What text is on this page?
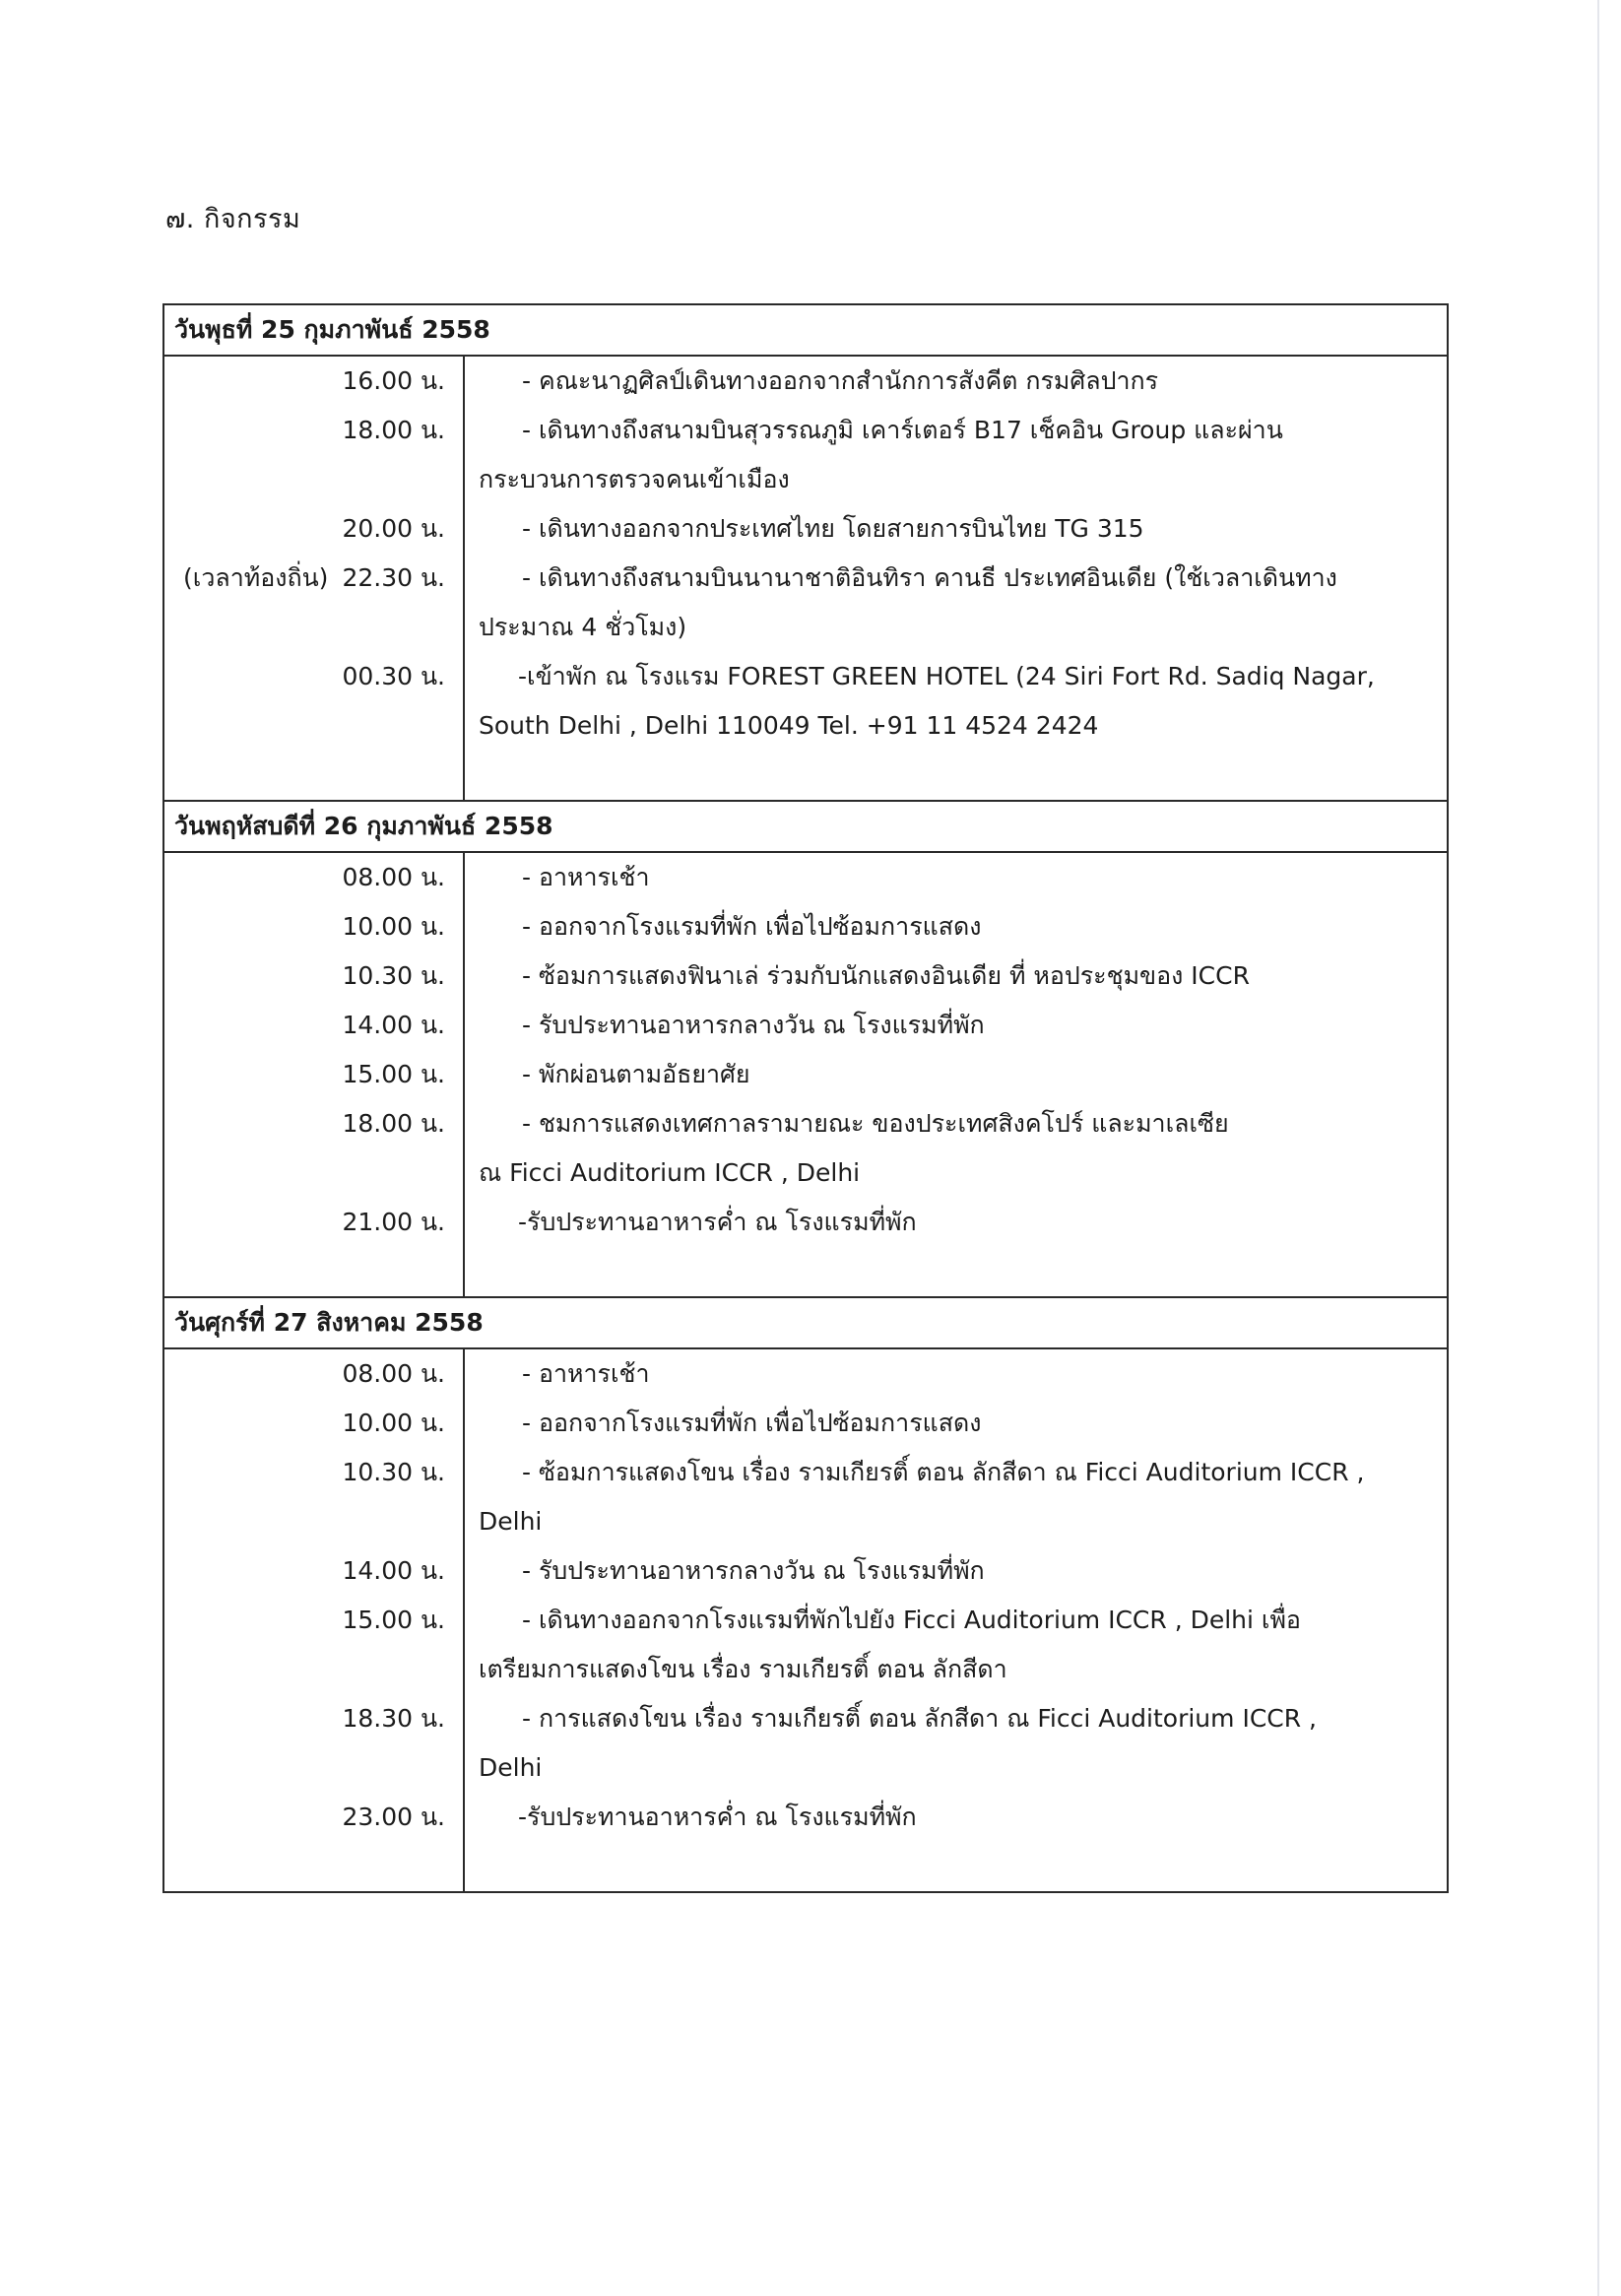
๗. กิจกรรม
วันพุธที่ 25 กุมภาพันธ์ 2558
16.00 น.	- คณะนาฏศิลป์เดินทางออกจากสำนักการสังคีต กรมศิลปากร
18.00 น.	- เดินทางถึงสนามบินสุวรรณภูมิ เคาร์เตอร์ B17 เช็คอิน Group และผ่าน
กระบวนการตรวจคนเข้าเมือง
20.00 น.	- เดินทางออกจากประเทศไทย โดยสายการบินไทย TG 315
(เวลาท้องถิ่น) 22.30 น.	- เดินทางถึงสนามบินนานาชาติอินทิรา คานธี ประเทศอินเดีย (ใช้เวลาเดินทาง
ประมาณ 4 ชั่วโมง)
00.30 น.	-เข้าพัก ณ โรงแรม FOREST GREEN HOTEL (24 Siri Fort Rd. Sadiq Nagar,
South Delhi , Delhi 110049 Tel. +91 11 4524 2424
วันพฤหัสบดีที่ 26 กุมภาพันธ์ 2558
08.00 น.	- อาหารเช้า
10.00 น.	- ออกจากโรงแรมที่พัก เพื่อไปซ้อมการแสดง
10.30 น.	- ซ้อมการแสดงฟินาเล่ ร่วมกับนักแสดงอินเดีย ที่ หอประชุมของ ICCR
14.00 น.	- รับประทานอาหารกลางวัน ณ โรงแรมที่พัก
15.00 น.	- พักผ่อนตามอัธยาศัย
18.00 น.	- ชมการแสดงเทศกาลรามายณะ ของประเทศสิงคโปร์ และมาเลเซีย
ณ Ficci Auditorium ICCR , Delhi
21.00 น.	-รับประทานอาหารค่ำ ณ โรงแรมที่พัก
วันศุกร์ที่ 27 สิงหาคม 2558
08.00 น.	- อาหารเช้า
10.00 น.	- ออกจากโรงแรมที่พัก เพื่อไปซ้อมการแสดง
10.30 น.	- ซ้อมการแสดงโขน เรื่อง รามเกียรติ์ ตอน ลักสีดา ณ Ficci Auditorium ICCR ,
Delhi
14.00 น.	- รับประทานอาหารกลางวัน ณ โรงแรมที่พัก
15.00 น.	- เดินทางออกจากโรงแรมที่พักไปยัง Ficci Auditorium ICCR , Delhi เพื่อ
เตรียมการแสดงโขน เรื่อง รามเกียรติ์ ตอน ลักสีดา
18.30 น.	- การแสดงโขน เรื่อง รามเกียรติ์ ตอน ลักสีดา ณ Ficci Auditorium ICCR ,
Delhi
23.00 น.	-รับประทานอาหารค่ำ ณ โรงแรมที่พัก
